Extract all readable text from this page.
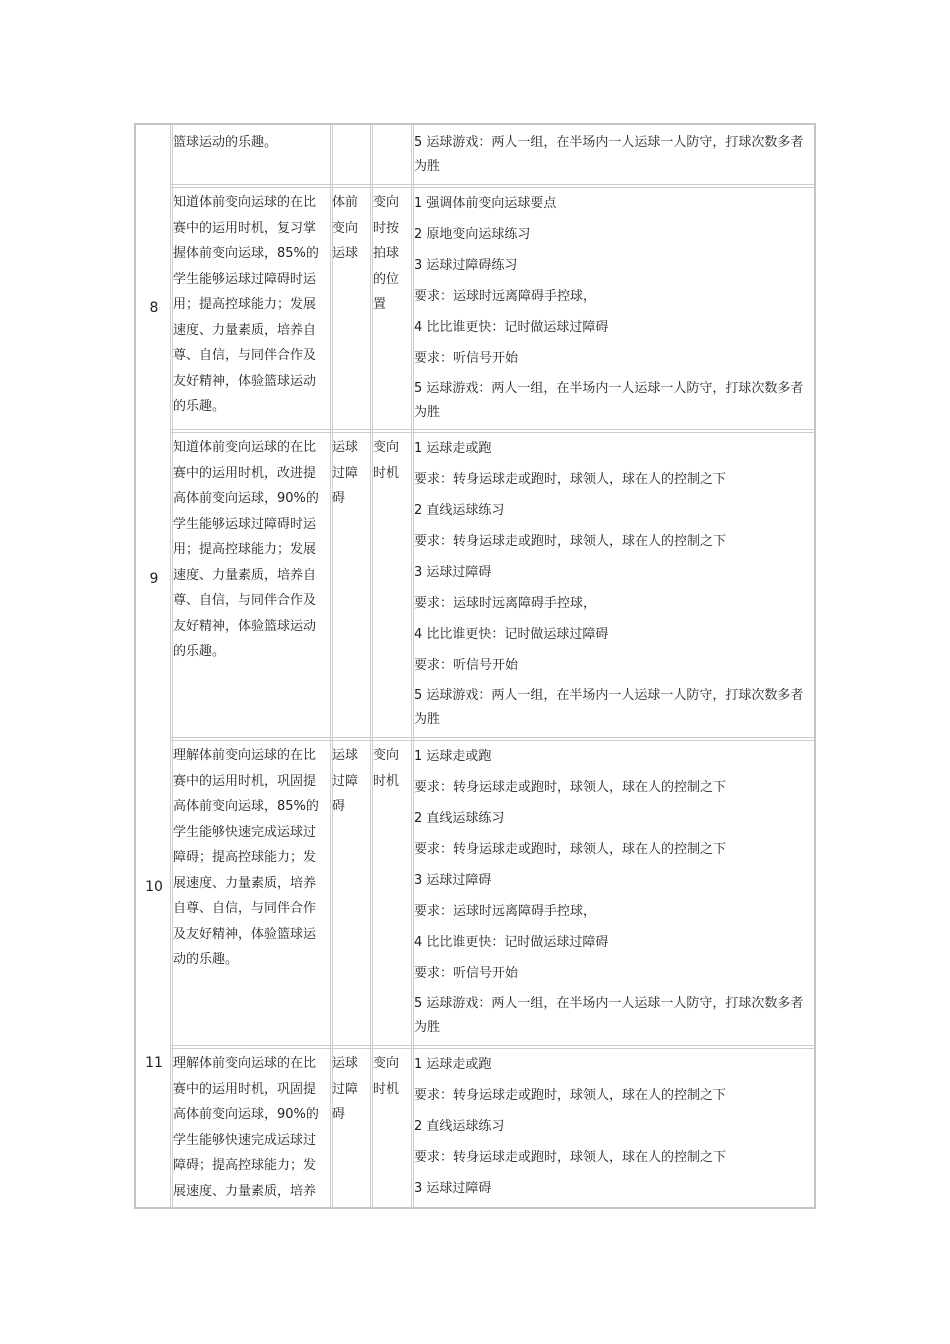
篮球运动的乐趣。	5 运球游戏：两人一组，在半场内一人运球一人防守，打球次数多者为胜
8
知道体前变向运球的在比
赛中的运用时机，复习掌
握体前变向运球，85%的
学生能够运球过障碍时运
用；提高控球能力；发展
速度、力量素质，培养自
尊、自信，与同伴合作及
友好精神，体验篮球运动
的乐趣。
体前变向运球
变向时按拍球的位置
1 强调体前变向运球要点
2 原地变向运球练习
3 运球过障碍练习
要求：运球时远离障碍手控球，
4 比比谁更快：记时做运球过障碍
要求：听信号开始
5 运球游戏：两人一组，在半场内一人运球一人防守，打球次数多者为胜
9
知道体前变向运球的在比
赛中的运用时机，改进提
高体前变向运球，90%的
学生能够运球过障碍时运
用；提高控球能力；发展
速度、力量素质，培养自
尊、自信，与同伴合作及
友好精神，体验篮球运动
的乐趣。
运球过障碍
变向时机
1 运球走或跑
要求：转身运球走或跑时，球领人，球在人的控制之下
2 直线运球练习
要求：转身运球走或跑时，球领人，球在人的控制之下
3 运球过障碍
要求：运球时远离障碍手控球，
4 比比谁更快：记时做运球过障碍
要求：听信号开始
5 运球游戏：两人一组，在半场内一人运球一人防守，打球次数多者为胜
10
理解体前变向运球的在比
赛中的运用时机，巩固提
高体前变向运球，85%的
学生能够快速完成运球过
障碍；提高控球能力；发
展速度、力量素质，培养
自尊、自信，与同伴合作
及友好精神，体验篮球运
动的乐趣。
运球过障碍
变向时机
1 运球走或跑
要求：转身运球走或跑时，球领人，球在人的控制之下
2 直线运球练习
要求：转身运球走或跑时，球领人，球在人的控制之下
3 运球过障碍
要求：运球时远离障碍手控球，
4 比比谁更快：记时做运球过障碍
要求：听信号开始
5 运球游戏：两人一组，在半场内一人运球一人防守，打球次数多者为胜
11 理解体前变向运球的在比
赛中的运用时机，巩固提
高体前变向运球，90%的
学生能够快速完成运球过
障碍；提高控球能力；发
展速度、力量素质，培养
运球过障碍
变向时机
1 运球走或跑
要求：转身运球走或跑时，球领人，球在人的控制之下
2 直线运球练习
要求：转身运球走或跑时，球领人，球在人的控制之下
3 运球过障碍
